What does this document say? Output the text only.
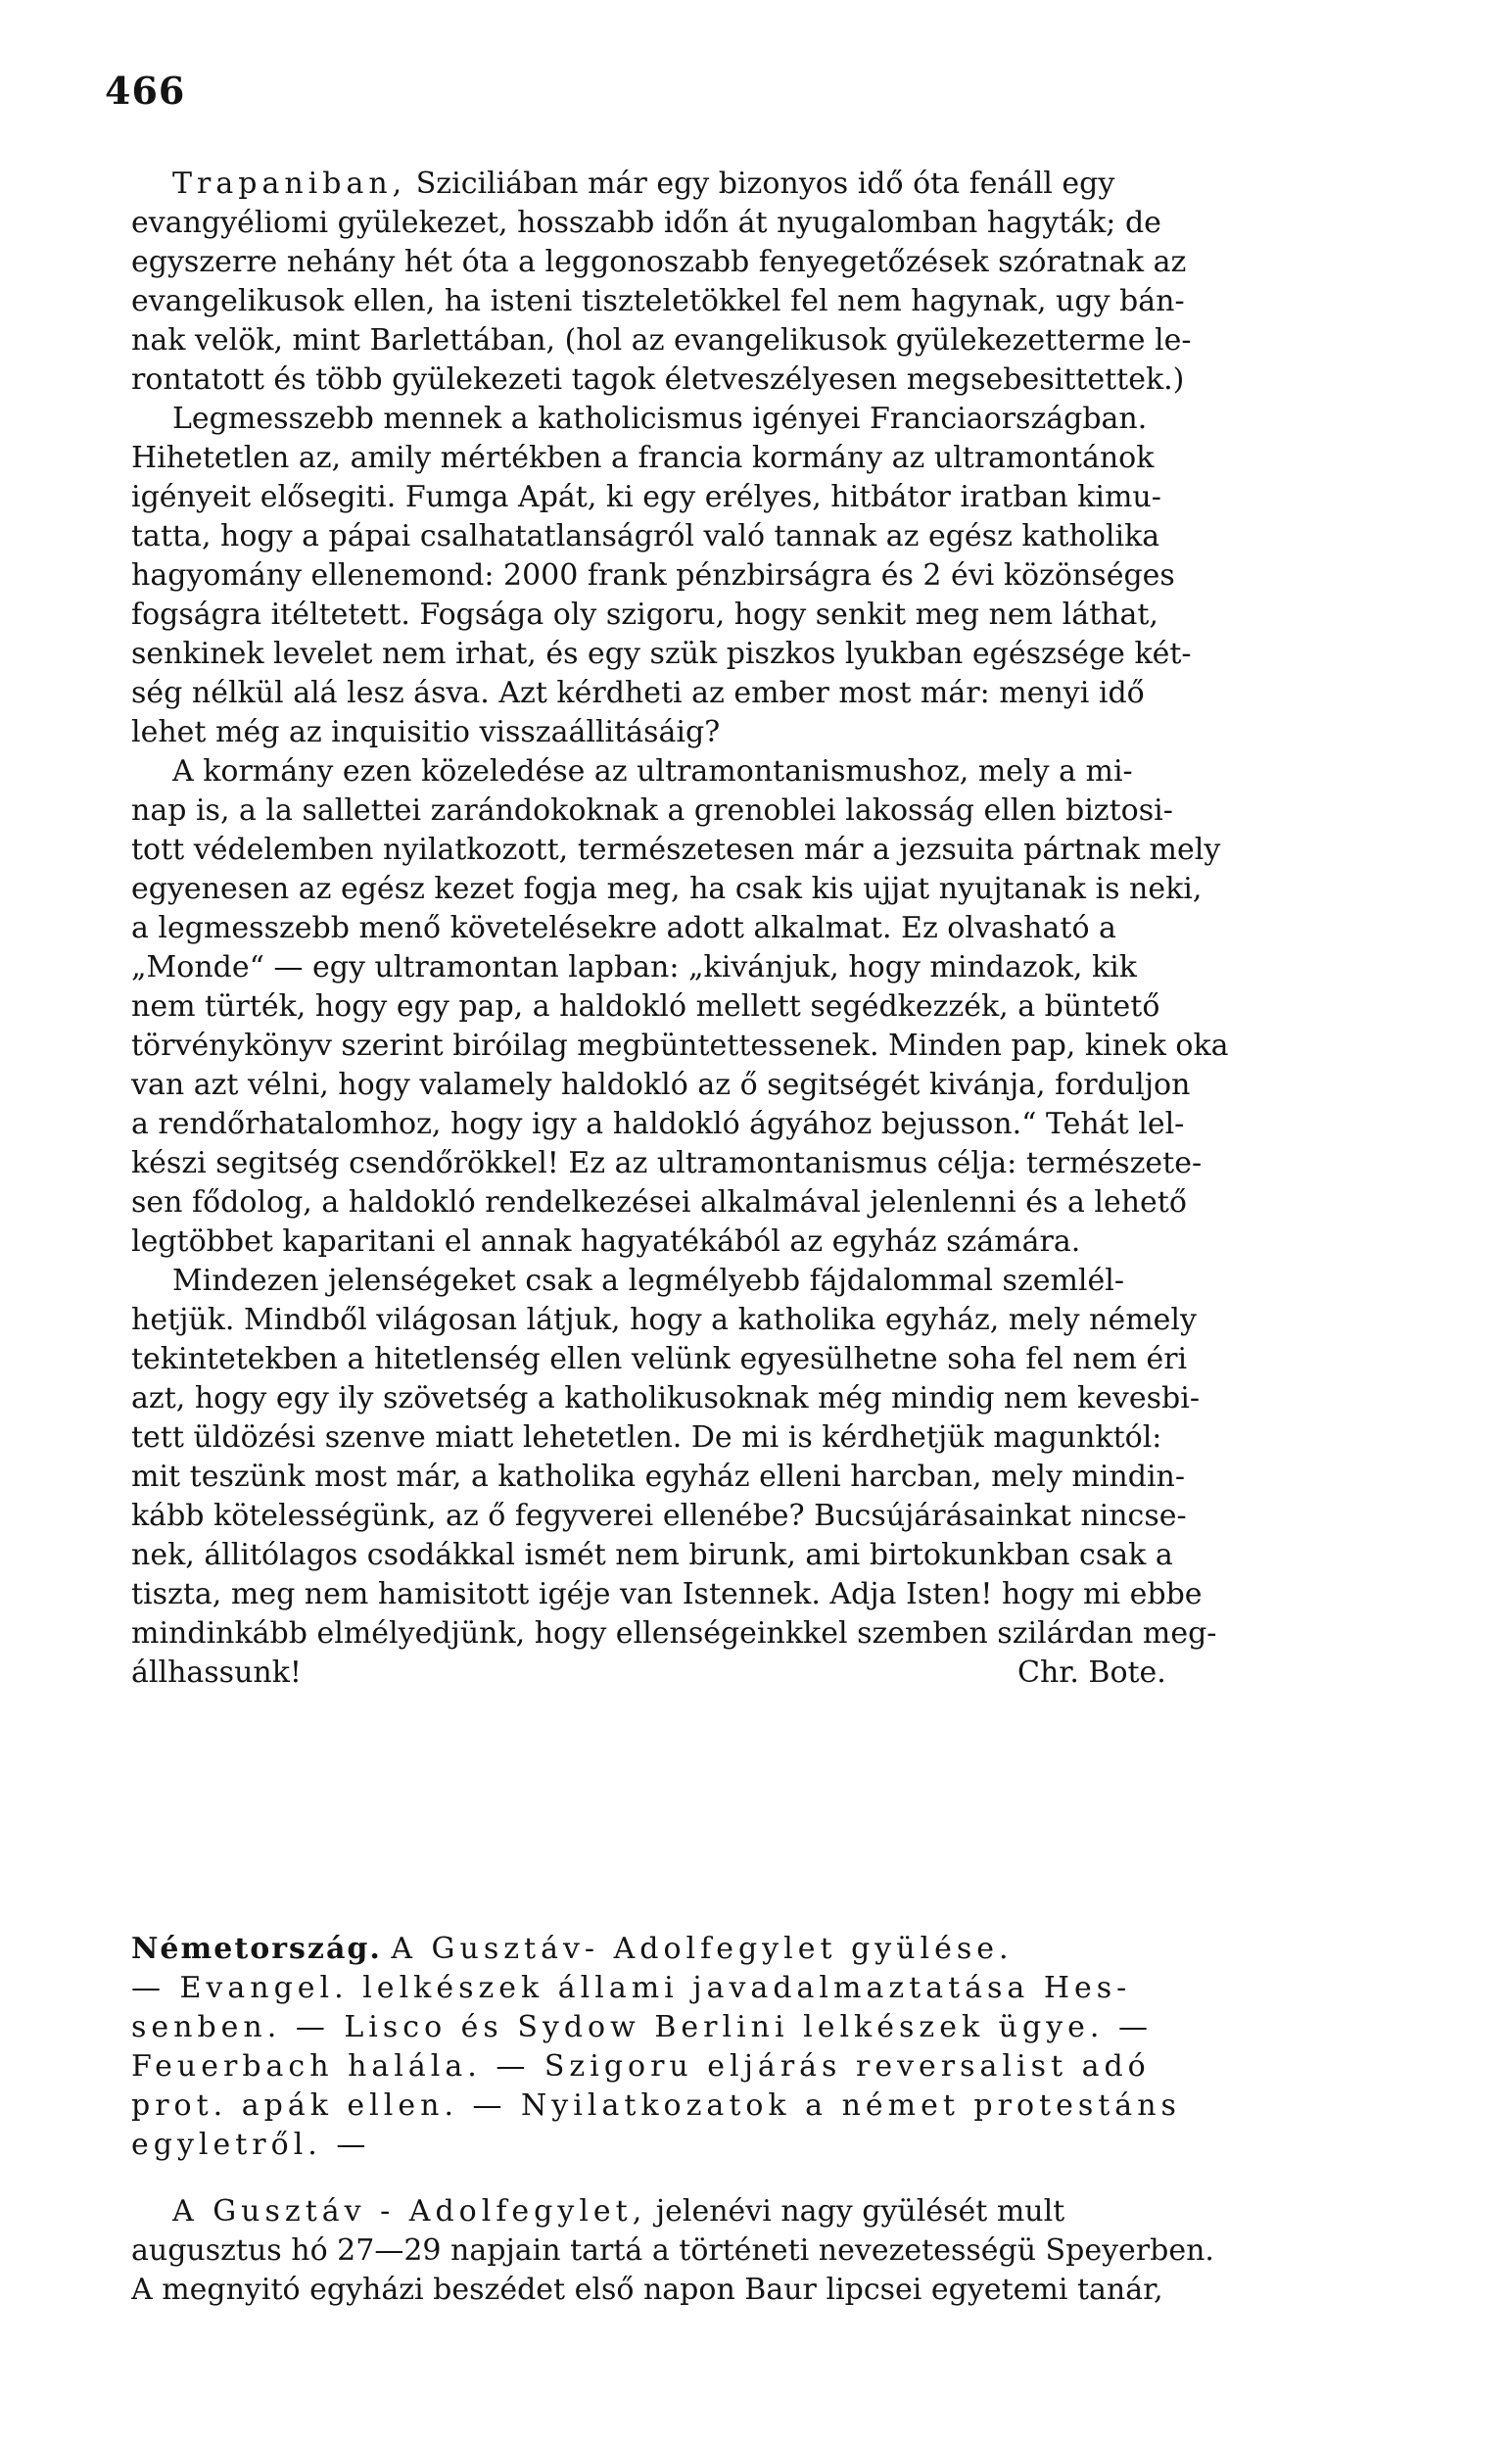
466
Trapaniban, Sziciliában már egy bizonyos idő óta fenáll egy
evangyéliomi gyülekezet, hosszabb időn át nyugalomban hagyták; de
egyszerre nehány hét óta a leggonoszabb fenyegetőzések szóratnak az
evangelikusok ellen, ha isteni tiszteletökkel fel nem hagynak, ugy bán-
nak velök, mint Barlettában, (hol az evangelikusok gyülekezetterme le-
rontatott és több gyülekezeti tagok életveszélyesen megsebesittettek.)
Legmesszebb mennek a katholicismus igényei Franciaországban.
Hihetetlen az, amily mértékben a francia kormány az ultramontánok
igényeit elősegiti. Fumga Apát, ki egy erélyes, hitbátor iratban kimu-
tatta, hogy a pápai csalhatatlanságról való tannak az egész katholika
hagyomány ellenemond: 2000 frank pénzbirságra és 2 évi közönséges
fogságra itéltetett. Fogsága oly szigoru, hogy senkit meg nem láthat,
senkinek levelet nem irhat, és egy szük piszkos lyukban egészsége két-
ség nélkül alá lesz ásva. Azt kérdheti az ember most már: menyi idő
lehet még az inquisitio visszaállitásáig?
A kormány ezen közeledése az ultramontanismushoz, mely a mi-
nap is, a la sallettei zarándokoknak a grenoblei lakosság ellen biztosi-
tott védelemben nyilatkozott, természetesen már a jezsuita pártnak mely
egyenesen az egész kezet fogja meg, ha csak kis ujjat nyujtanak is neki,
a legmesszebb menő követelésekre adott alkalmat. Ez olvasható a
„Monde“ — egy ultramontan lapban: „kivánjuk, hogy mindazok, kik
nem türték, hogy egy pap, a haldokló mellett segédkezzék, a büntető
törvénykönyv szerint biróilag megbüntettessenek. Minden pap, kinek oka
van azt vélni, hogy valamely haldokló az ő segitségét kivánja, forduljon
a rendőrhatalomhoz, hogy igy a haldokló ágyához bejusson.“ Tehát lel-
készi segitség csendőrökkel! Ez az ultramontanismus célja: természete-
sen fődolog, a haldokló rendelkezései alkalmával jelenlenni és a lehető
legtöbbet kaparitani el annak hagyatékából az egyház számára.
Mindezen jelenségeket csak a legmélyebb fájdalommal szemlél-
hetjük. Mindből világosan látjuk, hogy a katholika egyház, mely némely
tekintetekben a hitetlenség ellen velünk egyesülhetne soha fel nem éri
azt, hogy egy ily szövetség a katholikusoknak még mindig nem kevesbi-
tett üldözési szenve miatt lehetetlen. De mi is kérdhetjük magunktól:
mit teszünk most már, a katholika egyház elleni harcban, mely mindin-
kább kötelességünk, az ő fegyverei ellenébe? Bucsújárásainkat nincse-
nek, állitólagos csodákkal ismét nem birunk, ami birtokunkban csak a
tiszta, meg nem hamisitott igéje van Istennek. Adja Isten! hogy mi ebbe
mindinkább elmélyedjünk, hogy ellenségeinkkel szemben szilárdan meg-
állhassunk!	Chr. Bote.
Németország. A Gusztáv- Adolfegylet gyülése.
— Evangel. lelkészek állami javadalmaztatása Hes-
senben. — Lisco és Sydow Berlini lelkészek ügye. —
Feuerbach halála. — Szigoru eljárás reversalist adó
prot. apák ellen. — Nyilatkozatok a német protestáns
egyletről. —
A Gusztáv - Adolfegylet, jelenévi nagy gyülését mult
augusztus hó 27—29 napjain tartá a történeti nevezetességü Speyerben.
A megnyitó egyházi beszédet első napon Baur lipcsei egyetemi tanár,
